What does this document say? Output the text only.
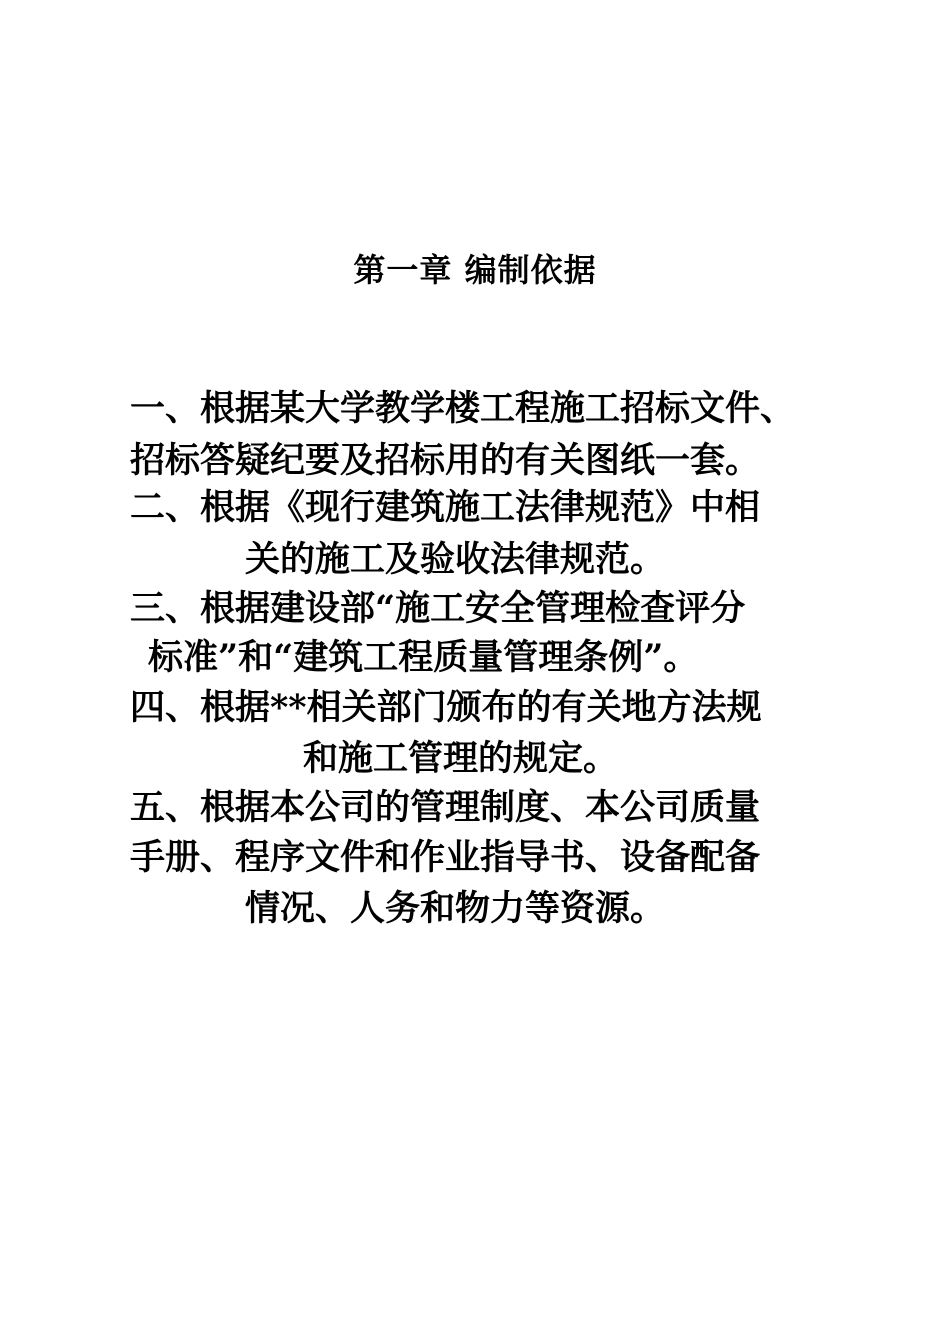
第一章 编制依据
一、根据某大学教学楼工程施工招标文件、
招标答疑纪要及招标用的有关图纸一套。
二、根据《现行建筑施工法律规范》中相
关的施工及验收法律规范。
三、根据建设部“施工安全管理检查评分
标准”和“建筑工程质量管理条例”。
四、根据**相关部门颁布的有关地方法规
和施工管理的规定。
五、根据本公司的管理制度、本公司质量
手册、程序文件和作业指导书、设备配备
情况、人务和物力等资源。
